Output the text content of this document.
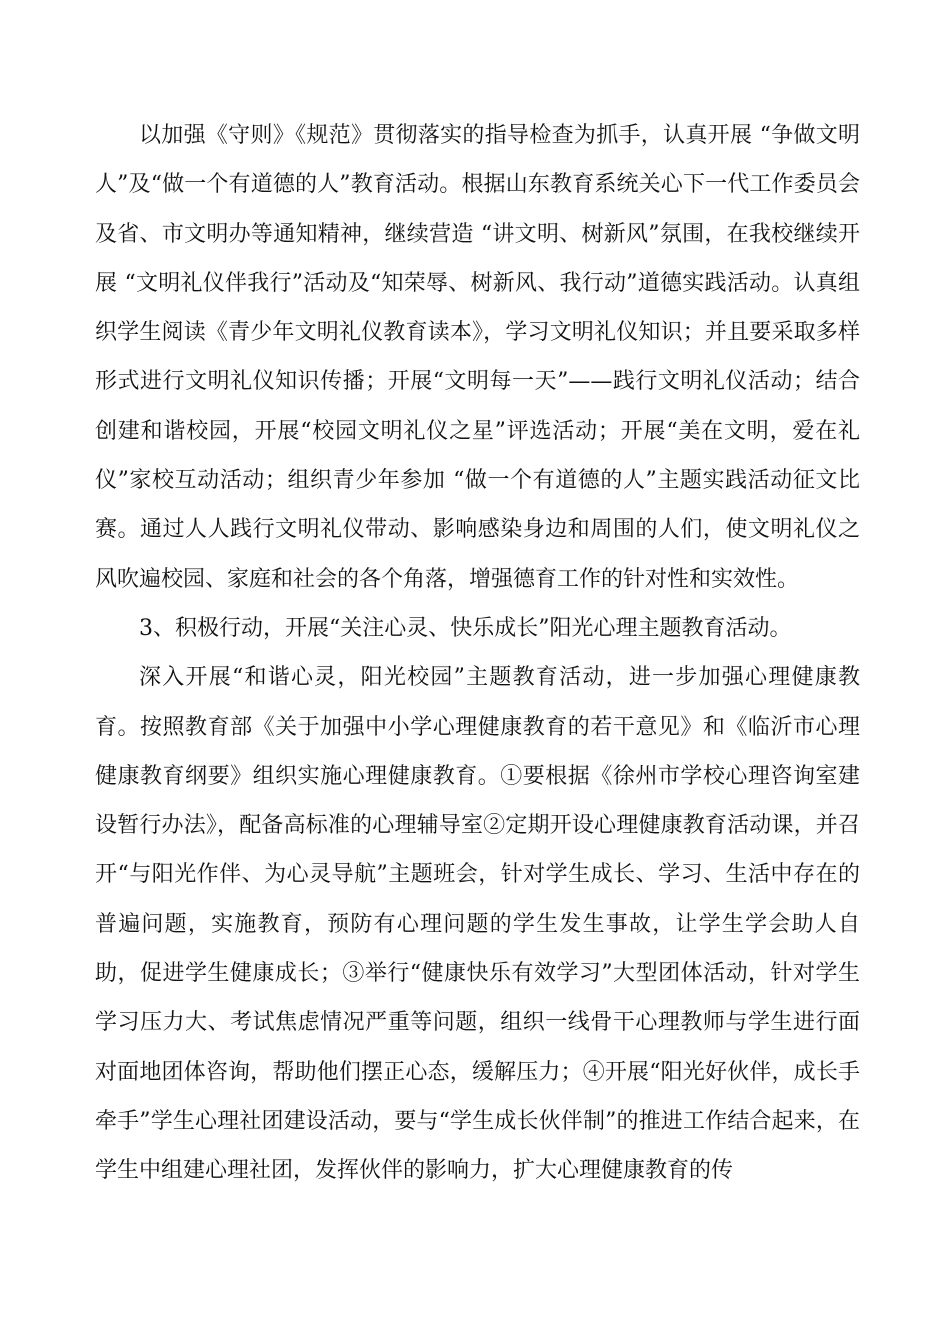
以加强《守则》《规范》贯彻落实的指导检查为抓手，认真开展 “争做文明人”及“做一个有道德的人”教育活动。根据山东教育系统关心下一代工作委员会及省、市文明办等通知精神，继续营造 “讲文明、树新风”氛围，在我校继续开展 “文明礼仪伴我行”活动及“知荣辱、树新风、我行动”道德实践活动。认真组织学生阅读《青少年文明礼仪教育读本》，学习文明礼仪知识；并且要采取多样形式进行文明礼仪知识传播；开展“文明每一天”——践行文明礼仪活动；结合创建和谐校园，开展“校园文明礼仪之星”评选活动；开展“美在文明，爱在礼仪”家校互动活动；组织青少年参加 “做一个有道德的人”主题实践活动征文比赛。通过人人践行文明礼仪带动、影响感染身边和周围的人们，使文明礼仪之风吹遍校园、家庭和社会的各个角落，增强德育工作的针对性和实效性。

3、积极行动，开展“关注心灵、快乐成长”阳光心理主题教育活动。

深入开展“和谐心灵，阳光校园”主题教育活动，进一步加强心理健康教育。按照教育部《关于加强中小学心理健康教育的若干意见》和《临沂市心理健康教育纲要》组织实施心理健康教育。①要根据《徐州市学校心理咨询室建设暂行办法》，配备高标准的心理辅导室②定期开设心理健康教育活动课，并召开“与阳光作伴、为心灵导航”主题班会，针对学生成长、学习、生活中存在的普遍问题，实施教育，预防有心理问题的学生发生事故，让学生学会助人自助，促进学生健康成长；③举行“健康快乐有效学习”大型团体活动，针对学生学习压力大、考试焦虑情况严重等问题，组织一线骨干心理教师与学生进行面对面地团体咨询，帮助他们摆正心态，缓解压力；④开展“阳光好伙伴，成长手牵手”学生心理社团建设活动，要与“学生成长伙伴制”的推进工作结合起来，在学生中组建心理社团，发挥伙伴的影响力，扩大心理健康教育的传
